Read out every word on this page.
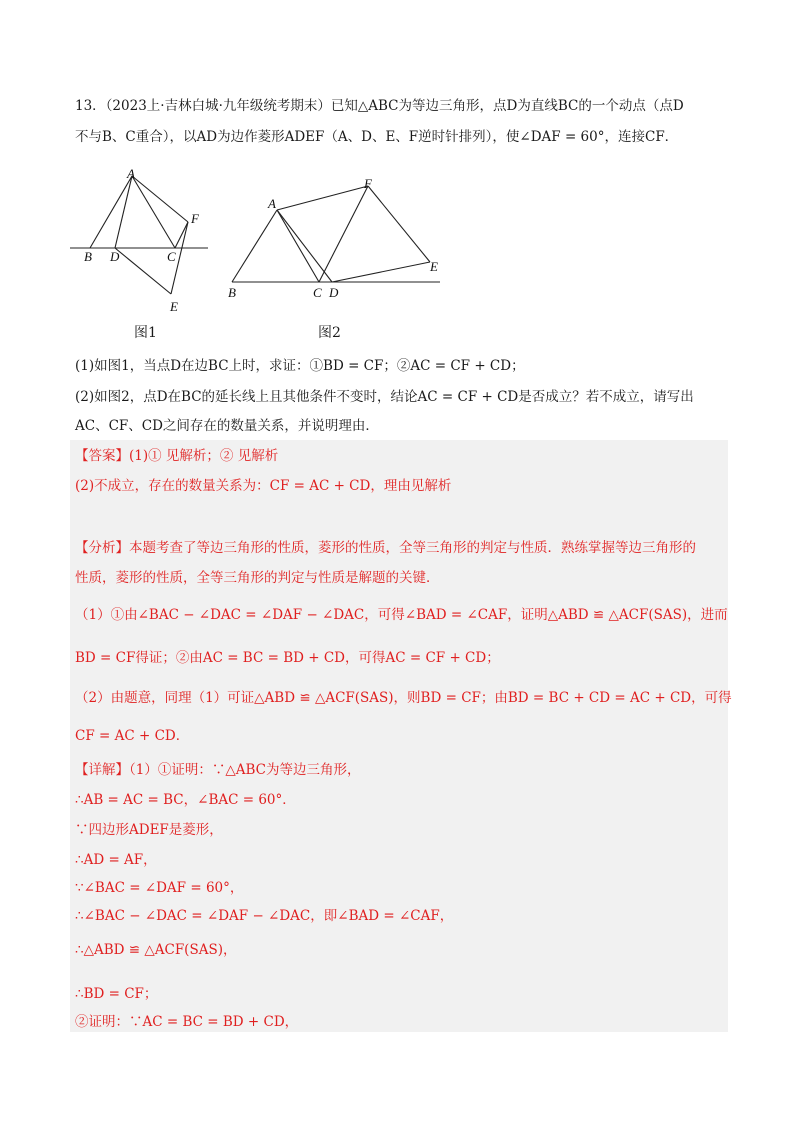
13．（2023上·吉林白城·九年级统考期末）已知△ABC为等边三角形，点D为直线BC的一个动点（点D
不与B、C重合），以AD为边作菱形ADEF（A、D、E、F逆时针排列），使∠DAF = 60°，连接CF．
A
B D	C
F
E
图1
A
F
E
B	C D
图2
(1)如图1，当点D在边BC上时，求证：①BD = CF；②AC = CF + CD；
(2)如图2，点D在BC的延长线上且其他条件不变时，结论AC = CF + CD是否成立？若不成立，请写出
AC、CF、CD之间存在的数量关系，并说明理由．
【答案】(1)① 见解析；② 见解析
(2)不成立，存在的数量关系为：CF = AC + CD，理由见解析
【分析】本题考查了等边三角形的性质，菱形的性质，全等三角形的判定与性质．熟练掌握等边三角形的
性质，菱形的性质，全等三角形的判定与性质是解题的关键．
（1）①由∠BAC − ∠DAC = ∠DAF − ∠DAC，可得∠BAD = ∠CAF，证明△ABD ≌ △ACF(SAS)，进而
BD = CF得证；②由AC = BC = BD + CD，可得AC = CF + CD；
（2）由题意，同理（1）可证△ABD ≌ △ACF(SAS)，则BD = CF；由BD = BC + CD = AC + CD，可得
CF = AC + CD．
【详解】（1）①证明：∵△ABC为等边三角形，
∴AB = AC = BC，∠BAC = 60°．
∵四边形ADEF是菱形，
∴AD = AF，
∵∠BAC = ∠DAF = 60°，
∴∠BAC − ∠DAC = ∠DAF − ∠DAC，即∠BAD = ∠CAF，
∴△ABD ≌ △ACF(SAS)，
∴BD = CF；
②证明：∵AC = BC = BD + CD，
